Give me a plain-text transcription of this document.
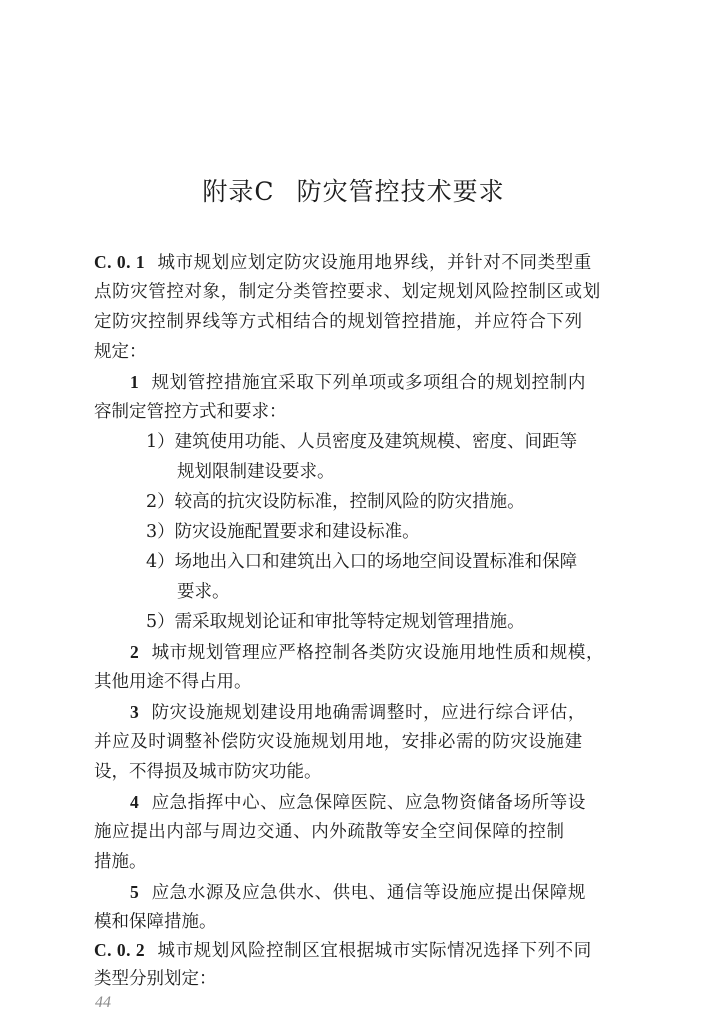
附录C 防灾管控技术要求
C. 0. 1 城市规划应划定防灾设施用地界线，并针对不同类型重
点防灾管控对象，制定分类管控要求、划定规划风险控制区或划
定防灾控制界线等方式相结合的规划管控措施，并应符合下列
规定：
1 规划管控措施宜采取下列单项或多项组合的规划控制内
容制定管控方式和要求：
1）建筑使用功能、人员密度及建筑规模、密度、间距等
规划限制建设要求。
2）较高的抗灾设防标准，控制风险的防灾措施。
3）防灾设施配置要求和建设标准。
4）场地出入口和建筑出入口的场地空间设置标准和保障
要求。
5）需采取规划论证和审批等特定规划管理措施。
2 城市规划管理应严格控制各类防灾设施用地性质和规模，
其他用途不得占用。
3 防灾设施规划建设用地确需调整时，应进行综合评估，
并应及时调整补偿防灾设施规划用地，安排必需的防灾设施建
设，不得损及城市防灾功能。
4 应急指挥中心、应急保障医院、应急物资储备场所等设
施应提出内部与周边交通、内外疏散等安全空间保障的控制
措施。
5 应急水源及应急供水、供电、通信等设施应提出保障规
模和保障措施。
C. 0. 2 城市规划风险控制区宜根据城市实际情况选择下列不同
类型分别划定：
44
